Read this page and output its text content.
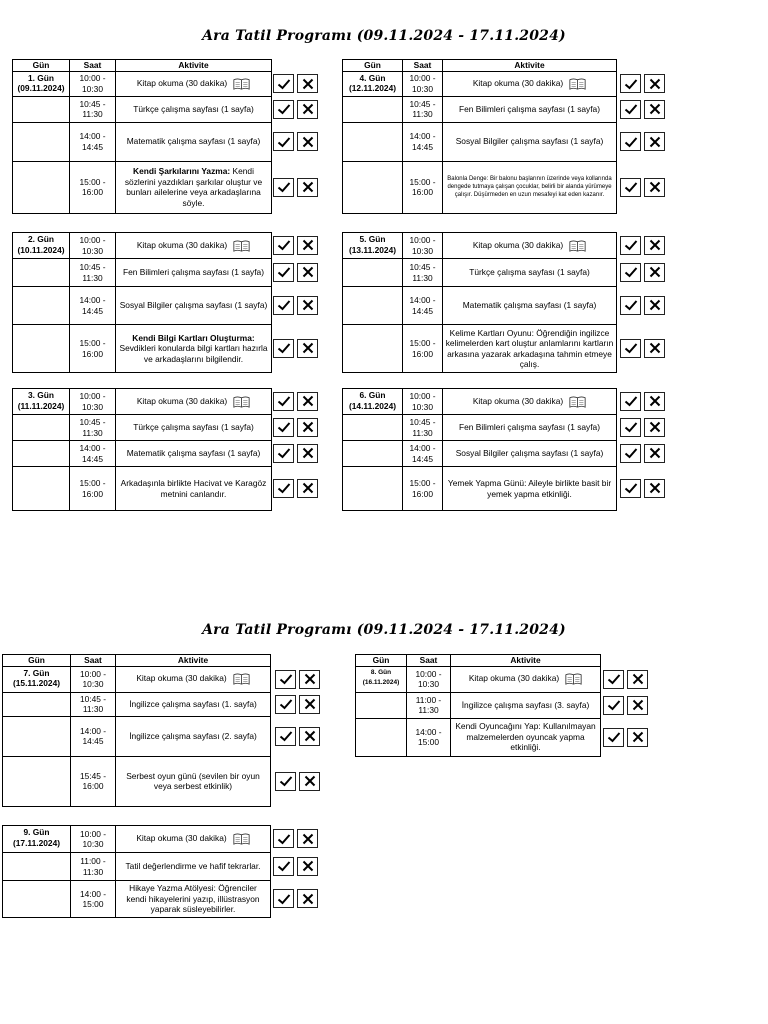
Ara Tatil Programı (09.11.2024 - 17.11.2024)
Ara Tatil Programı (09.11.2024 - 17.11.2024)
Gün	Saat	Aktivite

1. Gün
(09.11.2024)	10:00 - 10:30	Kitap okuma (30 dakika)
	10:45 - 11:30	Türkçe çalışma sayfası (1 sayfa)
	14:00 - 14:45	Matematik çalışma sayfası (1 sayfa)
	15:00 - 16:00	Kendi Şarkılarını Yazma: Kendi sözlerini yazdıkları şarkılar oluştur ve bunları ailelerine veya arkadaşlarına söyle.
Gün	Saat	Aktivite

4. Gün
(12.11.2024)	10:00 - 10:30	Kitap okuma (30 dakika)
	10:45 - 11:30	Fen Bilimleri çalışma sayfası (1 sayfa)
	14:00 - 14:45	Sosyal Bilgiler çalışma sayfası (1 sayfa)
	15:00 - 16:00	Balonla Denge: Bir balonu başlarının üzerinde veya kollarında dengede tutmaya çalışan çocuklar, belirli bir alanda yürümeye çalışır. Düşürmeden en uzun mesafeyi kat eden kazanır.
2. Gün
(10.11.2024)	10:00 - 10:30	Kitap okuma (30 dakika)
	10:45 - 11:30	Fen Bilimleri çalışma sayfası (1 sayfa)
	14:00 - 14:45	Sosyal Bilgiler çalışma sayfası (1 sayfa)
	15:00 - 16:00	Kendi Bilgi Kartları Oluşturma: Sevdikleri konularda bilgi kartları hazırla ve arkadaşlarını bilgilendir.
5. Gün
(13.11.2024)	10:00 - 10:30	Kitap okuma (30 dakika)
	10:45 - 11:30	Türkçe çalışma sayfası (1 sayfa)
	14:00 - 14:45	Matematik çalışma sayfası (1 sayfa)
	15:00 - 16:00	Kelime Kartları Oyunu: Öğrendiğin ingilizce kelimelerden kart oluştur anlamlarını kartların arkasına yazarak arkadaşına tahmin etmeye çalış.
3. Gün
(11.11.2024)	10:00 - 10:30	Kitap okuma (30 dakika)
	10:45 - 11:30	Türkçe çalışma sayfası (1 sayfa)
	14:00 - 14:45	Matematik çalışma sayfası (1 sayfa)
	15:00 - 16:00	Arkadaşınla birlikte Hacivat ve Karagöz metnini canlandır.
6. Gün
(14.11.2024)	10:00 - 10:30	Kitap okuma (30 dakika)
	10:45 - 11:30	Fen Bilimleri çalışma sayfası (1 sayfa)
	14:00 - 14:45	Sosyal Bilgiler çalışma sayfası (1 sayfa)
	15:00 - 16:00	Yemek Yapma Günü: Aileyle birlikte basit bir yemek yapma etkinliği.
Gün	Saat	Aktivite

7. Gün
(15.11.2024)	10:00 - 10:30	Kitap okuma (30 dakika)
	10:45 - 11:30	İngilizce çalışma sayfası (1. sayfa)
	14:00 - 14:45	İngilizce çalışma sayfası (2. sayfa)
	15:45 - 16:00	Serbest oyun günü (sevilen bir oyun veya serbest etkinlik)
Gün	Saat	Aktivite

8. Gün
(16.11.2024)	10:00 - 10:30	Kitap okuma (30 dakika)
	11:00 - 11:30	İngilizce çalışma sayfası (3. sayfa)
	14:00 - 15:00	Kendi Oyuncağını Yap: Kullanılmayan malzemelerden oyuncak yapma etkinliği.
9. Gün
(17.11.2024)	10:00 - 10:30	Kitap okuma (30 dakika)
	11:00 - 11:30	Tatil değerlendirme ve hafif tekrarlar.
	14:00 - 15:00	Hikaye Yazma Atölyesi: Öğrenciler kendi hikayelerini yazıp, illüstrasyon yaparak süsleyebilirler.
